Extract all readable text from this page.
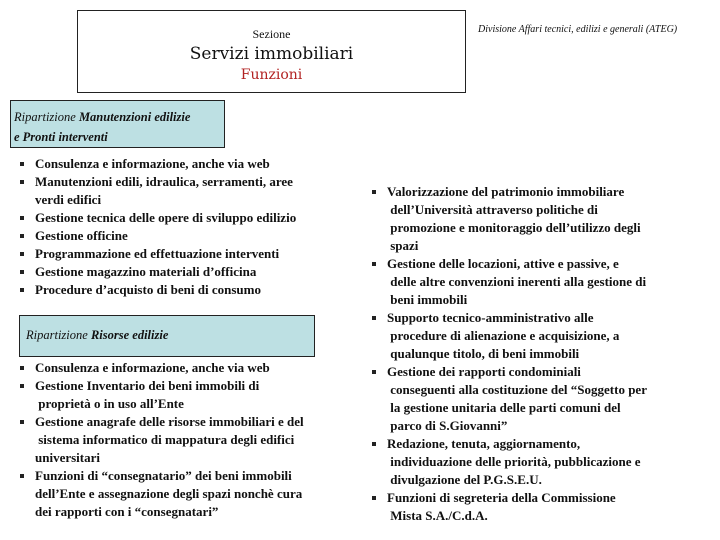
Sezione
Servizi immobiliari
Funzioni
Divisione Affari tecnici, edilizi e generali (ATEG)
Ripartizione Manutenzioni edilizie
e Pronti interventi
Consulenza e informazione, anche via web
Manutenzioni edili, idraulica, serramenti, aree
verdi edifici
Gestione tecnica delle opere di sviluppo edilizio
Gestione officine
Programmazione ed effettuazione interventi
Gestione magazzino materiali d’officina
Procedure d’acquisto di beni di consumo
Ripartizione Risorse edilizie
Consulenza e informazione, anche via web
Gestione Inventario dei beni immobili di
proprietà o in uso all’Ente
Gestione anagrafe delle risorse immobiliari e del
sistema informatico di mappatura degli edifici
universitari
Funzioni di “consegnatario” dei beni immobili
dell’Ente e assegnazione degli spazi nonchè cura
dei rapporti con i “consegnatari”
Valorizzazione del patrimonio immobiliare
dell’Università attraverso politiche di
promozione e monitoraggio dell’utilizzo degli
spazi
Gestione delle locazioni, attive e passive, e
delle altre convenzioni inerenti alla gestione di
beni immobili
Supporto tecnico-amministrativo alle
procedure di alienazione e acquisizione, a
qualunque titolo, di beni immobili
Gestione dei rapporti condominiali
conseguenti alla costituzione del “Soggetto per
la gestione unitaria delle parti comuni del
parco di S.Giovanni”
Redazione, tenuta, aggiornamento,
individuazione delle priorità, pubblicazione e
divulgazione del P.G.S.E.U.
Funzioni di segreteria della Commissione
Mista S.A./C.d.A.
